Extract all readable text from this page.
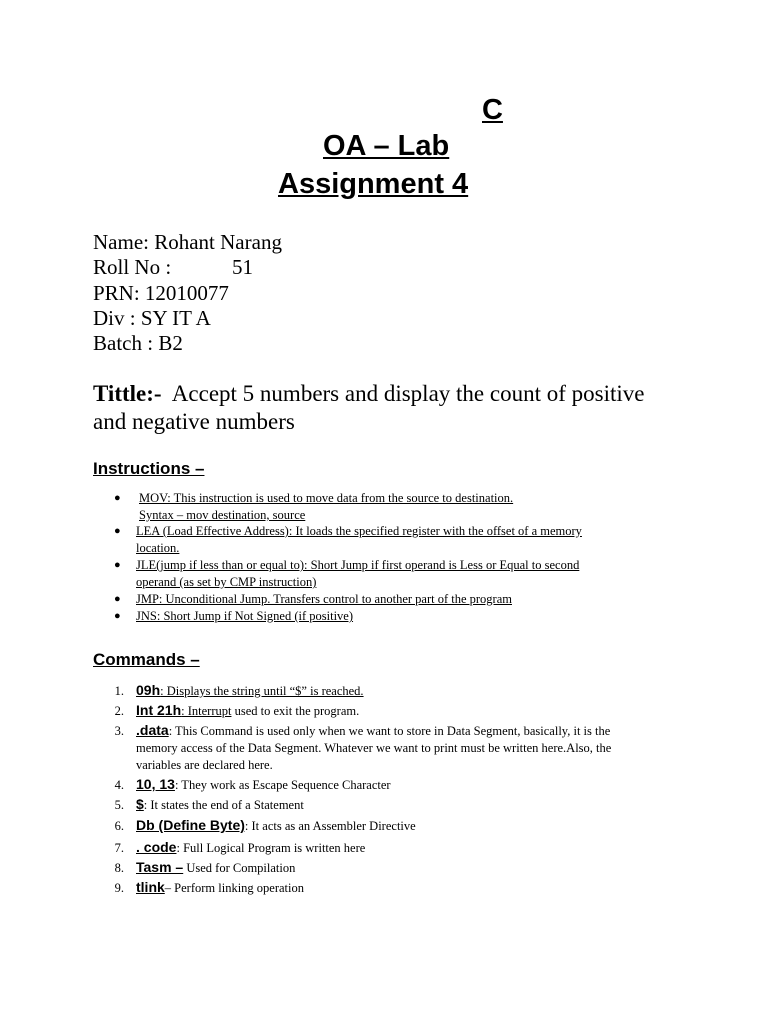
C
OA – Lab
Assignment 4
Name: Rohant Narang
Roll No :	51
PRN: 12010077
Div : SY IT A
Batch : B2
Tittle:- Accept 5 numbers and display the count of positive and negative numbers
Instructions –
● MOV: This instruction is used to move data from the source to destination.
Syntax – mov destination, source
● LEA (Load Effective Address): It loads the specified register with the offset of a memory location.
● JLE(jump if less than or equal to): Short Jump if first operand is Less or Equal to second operand (as set by CMP instruction)
● JMP: Unconditional Jump. Transfers control to another part of the program
● JNS: Short Jump if Not Signed (if positive)
Commands –
1. 09h: Displays the string until “$” is reached.
2. Int 21h: Interrupt used to exit the program.
3. .data: This Command is used only when we want to store in Data Segment, basically, it is the memory access of the Data Segment. Whatever we want to print must be written here.Also, the variables are declared here.
4. 10, 13: They work as Escape Sequence Character
5. $: It states the end of a Statement
6. Db (Define Byte): It acts as an Assembler Directive
7. . code: Full Logical Program is written here
8. Tasm – Used for Compilation
9. tlink– Perform linking operation
